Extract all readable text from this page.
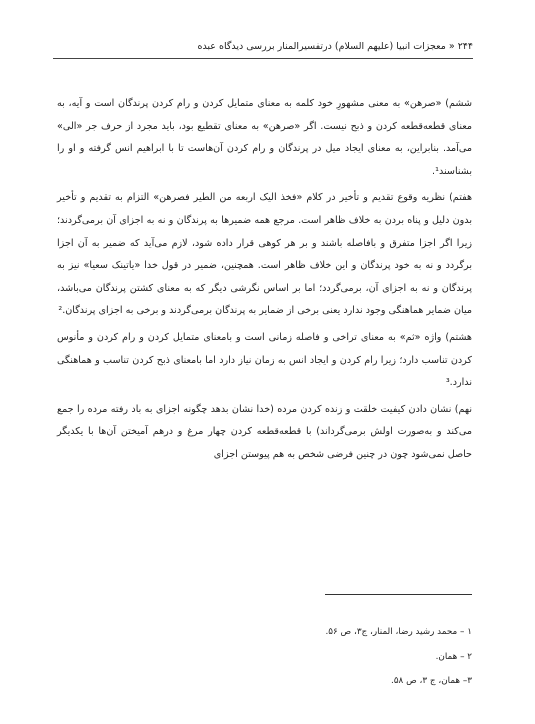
۲۴۴ « معجزات انبیا (علیهم السلام) درتفسیرالمنار بررسی دیدگاه عبده

ششم) «صرهن» به معنی مشهورِ خود کلمه به معنای متمایل کردن و رام کردن پرندگان است و آیه، به معنای قطعه‌قطعه کردن و ذبح نیست. اگر «صرهن» به معنای تقطیع بود، باید مجرد از حرف جر «الی» می‌آمد. بنابراین، به معنای ایجاد میل در پرندگان و رام کردن آن‌هاست تا با ابراهیم انس گرفته و او را بشناسند¹.

هفتم) نظریه وقوع تقدیم و تأخیر در کلام «فخذ الیک اربعه من الطیر فصرهن» التزام به تقدیم و تأخیر بدون دلیل و پناه بردن به خلاف ظاهر است. مرجع همه ضمیرها به پرندگان و نه به اجزای آن برمی‌گردند؛ زیرا اگر اجزا متفرق و بافاصله باشند و بر هر کوهی قرار داده شود، لازم می‌آید که ضمیر به آن اجزا برگردد و نه به خود پرندگان و این خلاف ظاهر است. همچنین، ضمیر در قول خدا «یاتینک سعیا» نیز به پرندگان و نه به اجزای آن، برمی‌گردد؛ اما بر اساس نگرشی دیگر که به معنای کشتن پرندگان می‌باشد، میان ضمایر هماهنگی وجود ندارد یعنی برخی از ضمایر به پرندگان برمی‌گردند و برخی به اجزای پرندگان.²

هشتم) واژه «ثم» به معنای تراخی و فاصله زمانی است و بامعنای متمایل کردن و رام کردن و مأنوس کردن تناسب دارد؛ زیرا رام کردن و ایجاد انس به زمان نیاز دارد اما بامعنای ذبح کردن تناسب و هماهنگی ندارد.³

نهم) نشان دادن کیفیت خلقت و زنده کردن مرده (خدا نشان بدهد چگونه اجزای به باد رفته مرده را جمع می‌کند و به‌صورت اولش برمی‌گرداند) با قطعه‌قطعه کردن چهار مرغ و درهم آمیختن آن‌ها با یکدیگر حاصل نمی‌شود چون در چنین فرضی شخص به هم پیوستن اجزای

۱ – محمد رشید رضا، المنار، ج۳، ص ۵۶.

۲ – همان.

۳– همان، ج ۳، ص ۵۸.
